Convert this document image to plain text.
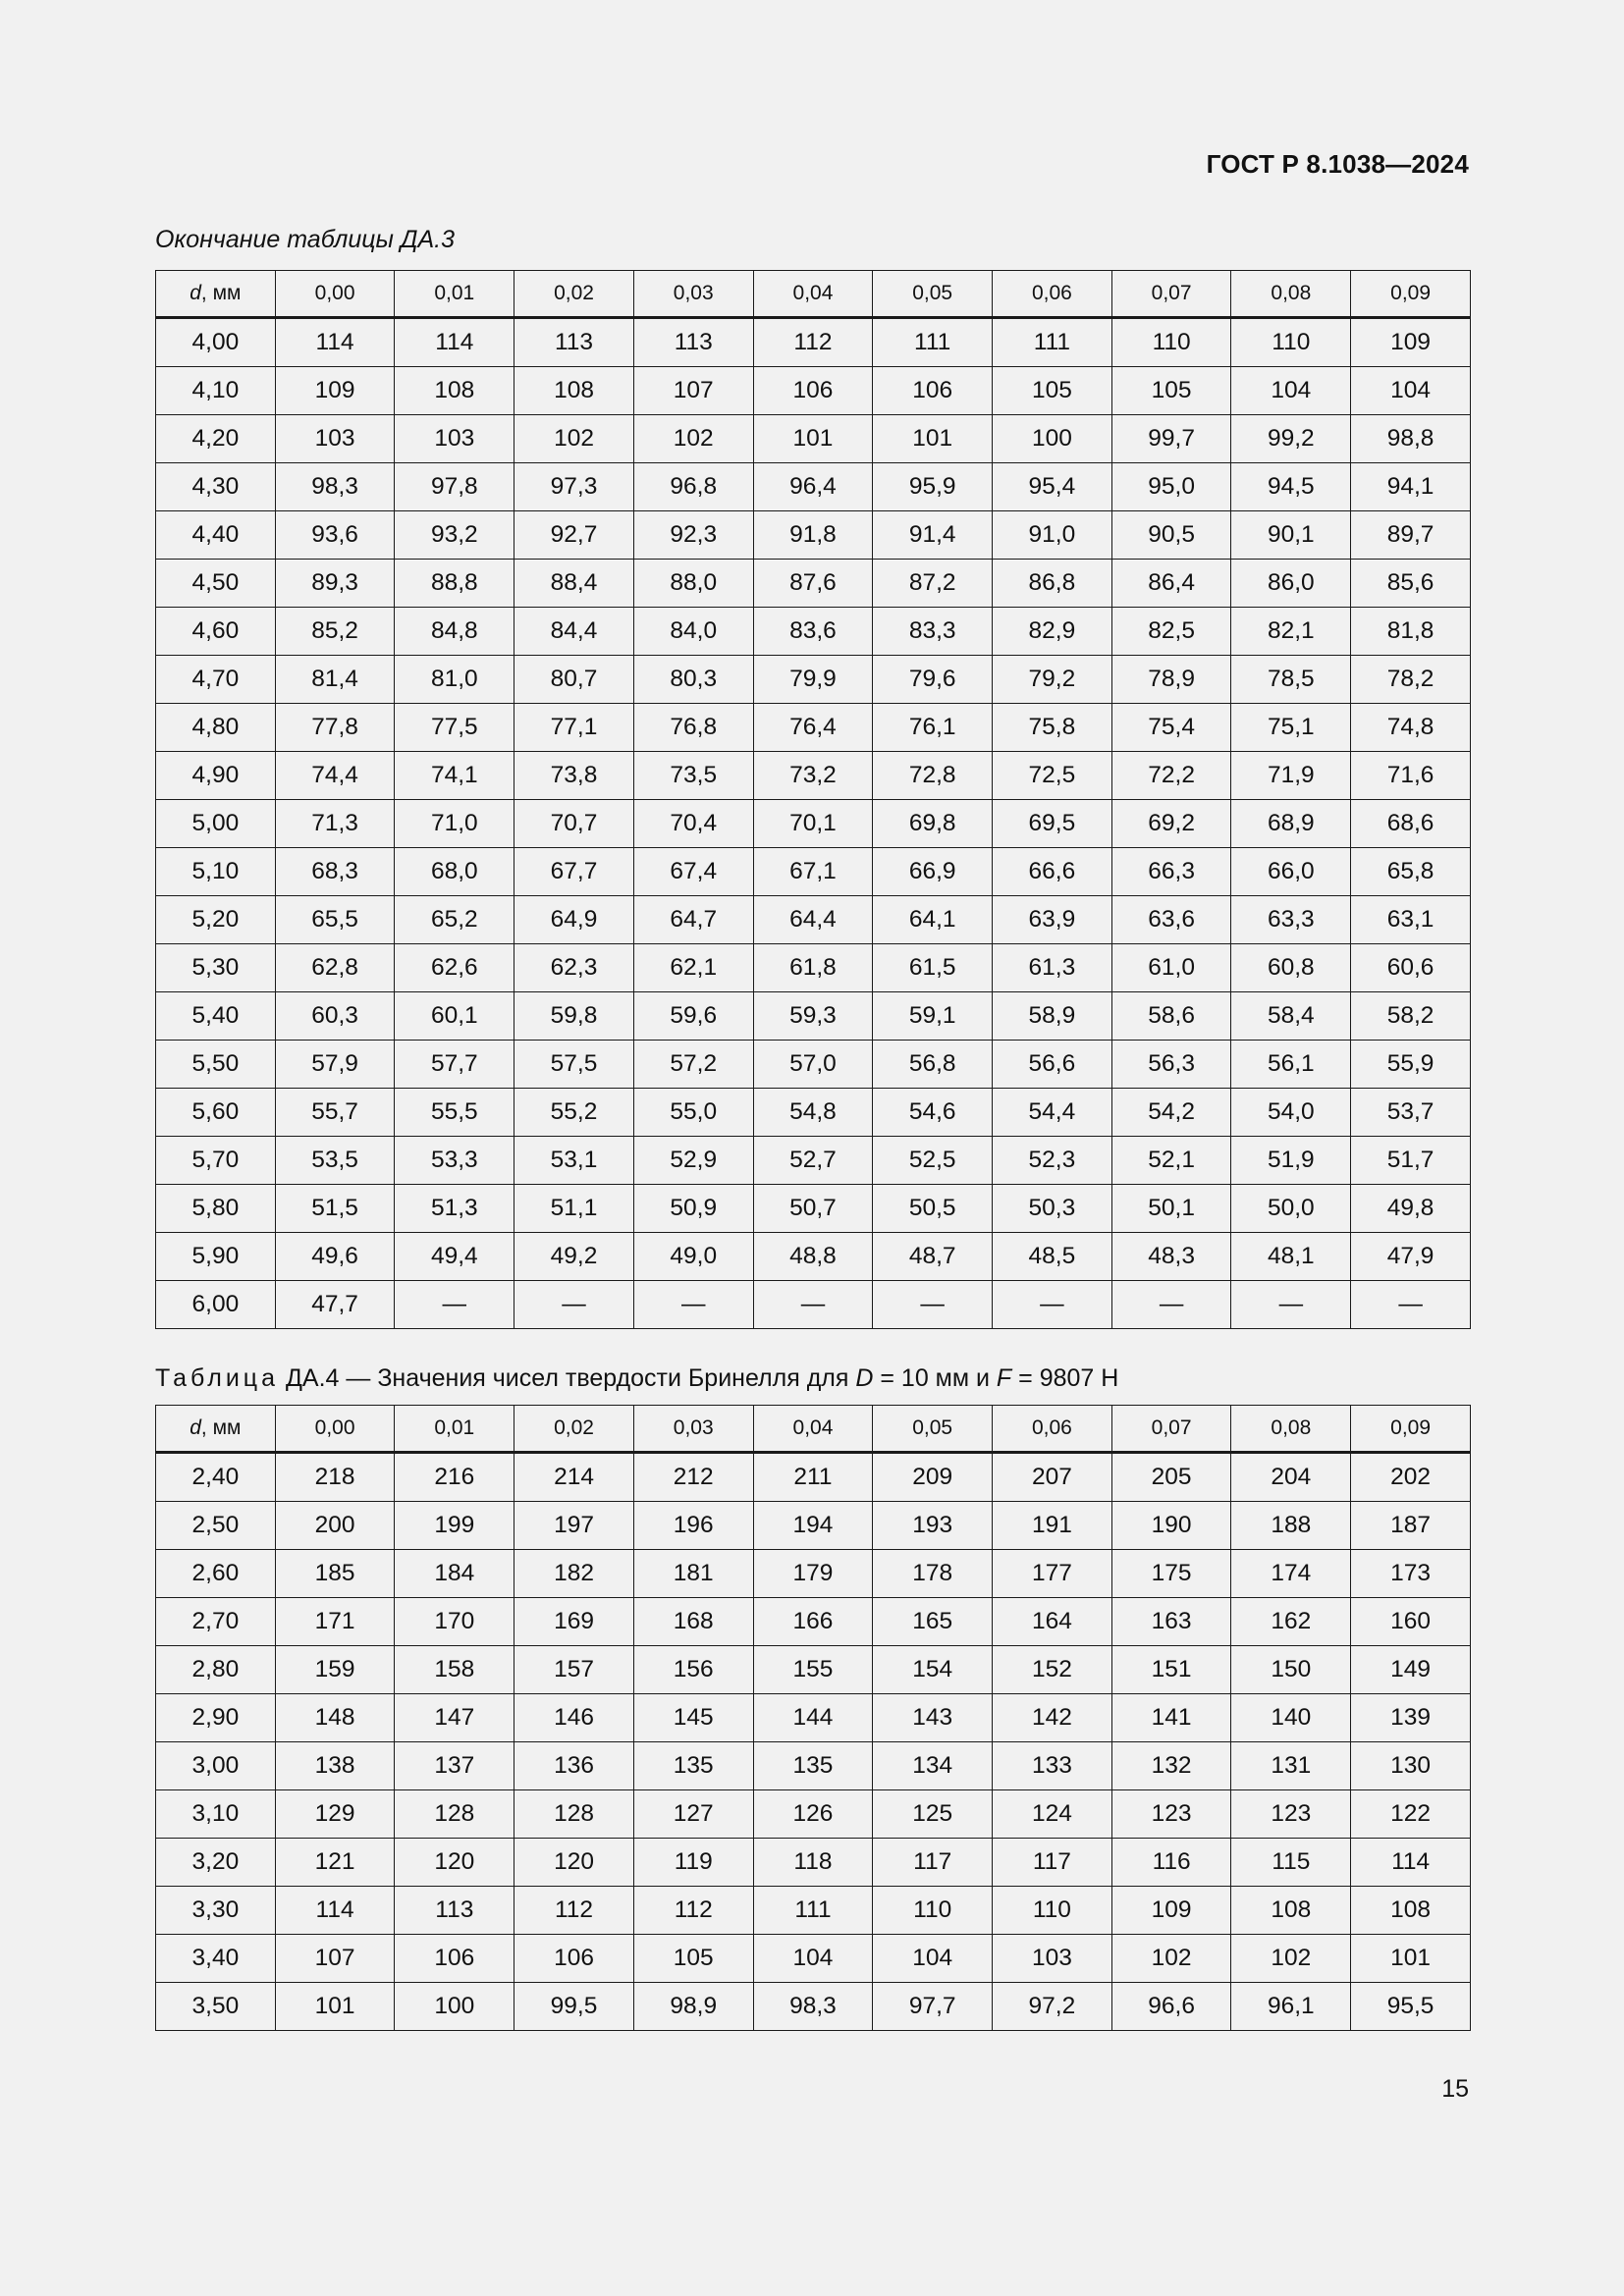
ГОСТ Р 8.1038—2024
Окончание таблицы ДА.3
d, мм	0,00	0,01	0,02	0,03	0,04	0,05	0,06	0,07	0,08	0,09
4,00	114	114	113	113	112	111	111	110	110	109
4,10	109	108	108	107	106	106	105	105	104	104
4,20	103	103	102	102	101	101	100	99,7	99,2	98,8
4,30	98,3	97,8	97,3	96,8	96,4	95,9	95,4	95,0	94,5	94,1
4,40	93,6	93,2	92,7	92,3	91,8	91,4	91,0	90,5	90,1	89,7
4,50	89,3	88,8	88,4	88,0	87,6	87,2	86,8	86,4	86,0	85,6
4,60	85,2	84,8	84,4	84,0	83,6	83,3	82,9	82,5	82,1	81,8
4,70	81,4	81,0	80,7	80,3	79,9	79,6	79,2	78,9	78,5	78,2
4,80	77,8	77,5	77,1	76,8	76,4	76,1	75,8	75,4	75,1	74,8
4,90	74,4	74,1	73,8	73,5	73,2	72,8	72,5	72,2	71,9	71,6
5,00	71,3	71,0	70,7	70,4	70,1	69,8	69,5	69,2	68,9	68,6
5,10	68,3	68,0	67,7	67,4	67,1	66,9	66,6	66,3	66,0	65,8
5,20	65,5	65,2	64,9	64,7	64,4	64,1	63,9	63,6	63,3	63,1
5,30	62,8	62,6	62,3	62,1	61,8	61,5	61,3	61,0	60,8	60,6
5,40	60,3	60,1	59,8	59,6	59,3	59,1	58,9	58,6	58,4	58,2
5,50	57,9	57,7	57,5	57,2	57,0	56,8	56,6	56,3	56,1	55,9
5,60	55,7	55,5	55,2	55,0	54,8	54,6	54,4	54,2	54,0	53,7
5,70	53,5	53,3	53,1	52,9	52,7	52,5	52,3	52,1	51,9	51,7
5,80	51,5	51,3	51,1	50,9	50,7	50,5	50,3	50,1	50,0	49,8
5,90	49,6	49,4	49,2	49,0	48,8	48,7	48,5	48,3	48,1	47,9
6,00	47,7	—	—	—	—	—	—	—	—	—
Таблица ДА.4 — Значения чисел твердости Бринелля для D = 10 мм и F = 9807 Н
d, мм	0,00	0,01	0,02	0,03	0,04	0,05	0,06	0,07	0,08	0,09
2,40	218	216	214	212	211	209	207	205	204	202
2,50	200	199	197	196	194	193	191	190	188	187
2,60	185	184	182	181	179	178	177	175	174	173
2,70	171	170	169	168	166	165	164	163	162	160
2,80	159	158	157	156	155	154	152	151	150	149
2,90	148	147	146	145	144	143	142	141	140	139
3,00	138	137	136	135	135	134	133	132	131	130
3,10	129	128	128	127	126	125	124	123	123	122
3,20	121	120	120	119	118	117	117	116	115	114
3,30	114	113	112	112	111	110	110	109	108	108
3,40	107	106	106	105	104	104	103	102	102	101
3,50	101	100	99,5	98,9	98,3	97,7	97,2	96,6	96,1	95,5
15
